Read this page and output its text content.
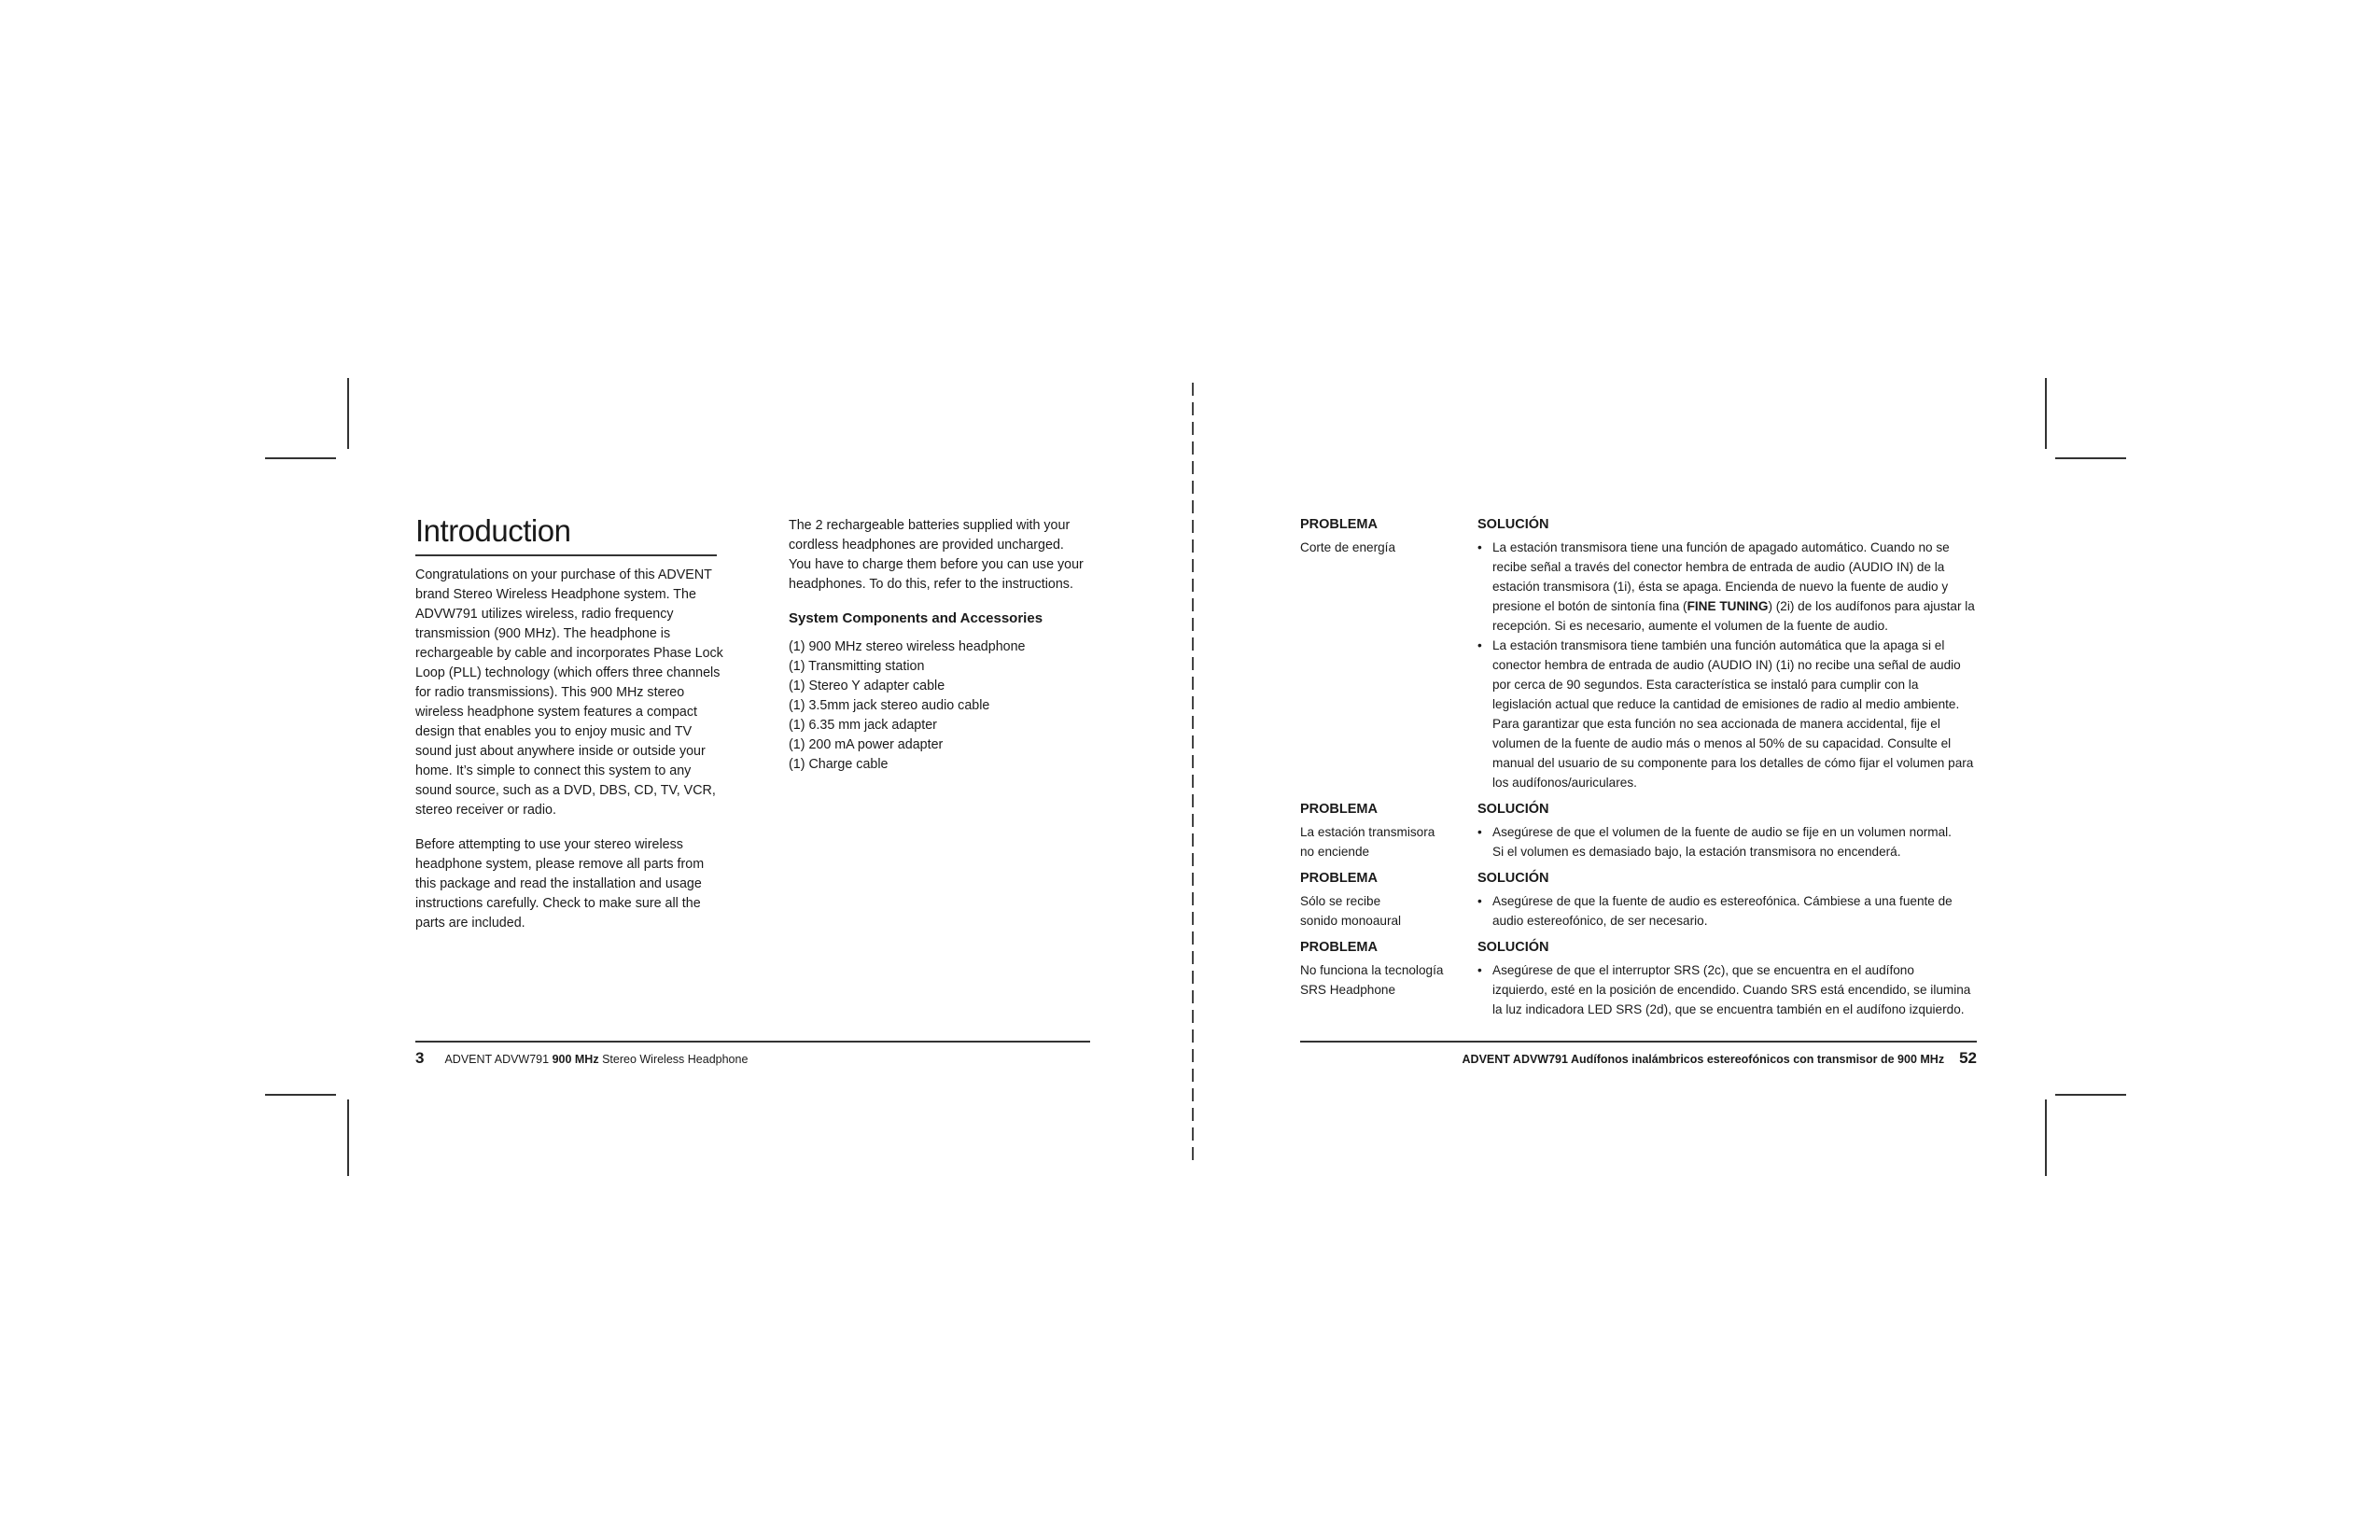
Introduction

Congratulations on your purchase of this ADVENT brand Stereo Wireless Headphone system. The ADVW791 utilizes wireless, radio frequency transmission (900 MHz). The headphone is rechargeable by cable and incorporates Phase Lock Loop (PLL) technology (which offers three channels for radio transmissions). This 900 MHz stereo wireless headphone system features a compact design that enables you to enjoy music and TV sound just about anywhere inside or outside your home. It’s simple to connect this system to any sound source, such as a DVD, DBS, CD, TV, VCR, stereo receiver or radio.

Before attempting to use your stereo wireless headphone system, please remove all parts from this package and read the installation and usage instructions carefully. Check to make sure all the parts are included.

The 2 rechargeable batteries supplied with your cordless headphones are provided uncharged. You have to charge them before you can use your headphones. To do this, refer to the instructions.

System Components and Accessories
(1) 900 MHz stereo wireless headphone
(1) Transmitting station
(1) Stereo Y adapter cable
(1) 3.5mm jack stereo audio cable
(1) 6.35 mm jack adapter
(1) 200 mA power adapter
(1) Charge cable
3 ADVENT ADVW791 900 MHz Stereo Wireless Headphone
PROBLEMA
Corte de energía
SOLUCIÓN
• La estación transmisora tiene una función de apagado automático. Cuando no se recibe señal a través del conector hembra de entrada de audio (AUDIO IN) de la estación transmisora (1i), ésta se apaga. Encienda de nuevo la fuente de audio y presione el botón de sintonía fina (FINE TUNING) (2i) de los audífonos para ajustar la recepción. Si es necesario, aumente el volumen de la fuente de audio.
• La estación transmisora tiene también una función automática que la apaga si el conector hembra de entrada de audio (AUDIO IN) (1i) no recibe una señal de audio por cerca de 90 segundos. Esta característica se instaló para cumplir con la legislación actual que reduce la cantidad de emisiones de radio al medio ambiente. Para garantizar que esta función no sea accionada de manera accidental, fije el volumen de la fuente de audio más o menos al 50% de su capacidad. Consulte el manual del usuario de su componente para los detalles de cómo fijar el volumen para los audífonos/auriculares.
PROBLEMA
La estación transmisora no enciende
SOLUCIÓN
• Asegúrese de que el volumen de la fuente de audio se fije en un volumen normal. Si el volumen es demasiado bajo, la estación transmisora no encenderá.
PROBLEMA
Sólo se recibe sonido monoaural
SOLUCIÓN
• Asegúrese de que la fuente de audio es estereofónica. Cámbiese a una fuente de audio estereofónico, de ser necesario.
PROBLEMA
No funciona la tecnología SRS Headphone
SOLUCIÓN
• Asegúrese de que el interruptor SRS (2c), que se encuentra en el audífono izquierdo, esté en la posición de encendido. Cuando SRS está encendido, se ilumina la luz indicadora LED SRS (2d), que se encuentra también en el audífono izquierdo.
ADVENT ADVW791 Audífonos inalámbricos estereofónicos con transmisor de 900 MHz 52
